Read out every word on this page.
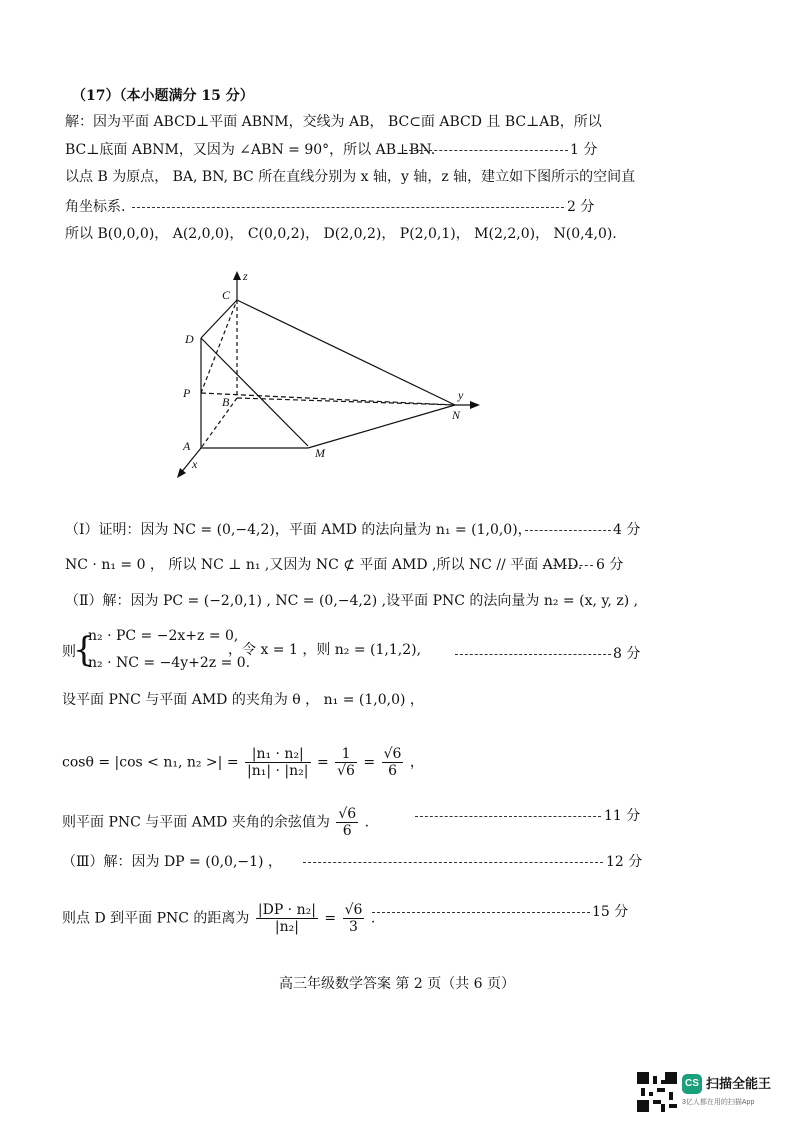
（17）（本小题满分 15 分）
解：因为平面 ABCD⊥平面 ABNM，交线为 AB， BC⊂面 ABCD 且 BC⊥AB，所以
BC⊥底面 ABNM，又因为 ∠ABN = 90°，所以 AB⊥BN.	1 分
以点 B 为原点， BA, BN, BC 所在直线分别为 x 轴，y 轴，z 轴，建立如下图所示的空间直
角坐标系.	2 分
所以 B(0,0,0)， A(2,0,0)， C(0,0,2)， D(2,0,2)， P(2,0,1)， M(2,2,0)， N(0,4,0).
z
y
x
C
D
P
B
A	M
N
（Ⅰ）证明：因为 NC = (0,−4,2)，平面 AMD 的法向量为 n₁ = (1,0,0)，	4 分
NC · n₁ = 0 ， 所以 NC ⊥ n₁ ,又因为 NC ⊄ 平面 AMD ,所以 NC // 平面 AMD. 6 分
（Ⅱ）解：因为 PC = (−2,0,1) , NC = (0,−4,2) ,设平面 PNC 的法向量为 n₂ = (x, y, z) ,
则
{
n₂ · PC = −2x+z = 0,
n₂ · NC = −4y+2z = 0.
，令 x = 1 ，则 n₂ = (1,1,2),	8 分
设平面 PNC 与平面 AMD 的夹角为 θ ， n₁ = (1,0,0) ，
cosθ = |cos < n₁, n₂ >| = $\frac{\text{|n₁ · n₂|}}{\text{|n₁| · |n₂|}} = \frac{1}{√6} = \frac{√6}{6}$ ，
则平面 PNC 与平面 AMD 夹角的余弦值为 $\frac{√6}{6}$ .	11 分
（Ⅲ）解：因为 DP = (0,0,−1) ，	12 分
则点 D 到平面 PNC 的距离为 $\frac{\text{|DP · n₂|}}{\text{|n₂|}} = \frac{√6}{3}$ .	15 分
高三年级数学答案 第 2 页（共 6 页）
CS 扫描全能王
3亿人都在用的扫描App
